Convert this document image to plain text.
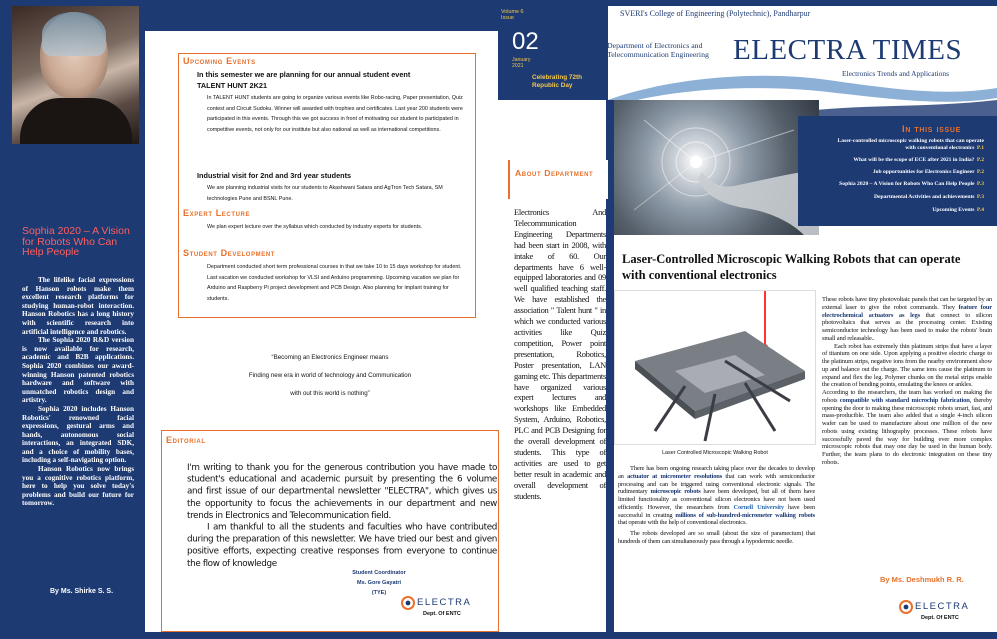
Sophia 2020 – A Vision for Robots Who Can Help People

The lifelike facial expressions of Hanson robots make them excellent research platforms for studying human-robot interaction. Hanson Robotics has a long history with scientific research into artificial intelligence and robotics.

The Sophia 2020 R&D version is now available for research, academic and B2B applications. Sophia 2020 combines our award-winning Hanson patented robotics hardware and software with unmatched robotics design and artistry.

Sophia 2020 includes Hanson Robotics' renowned facial expressions, gestural arms and hands, autonomous social interactions, an integrated SDK, and a choice of mobility bases, including a self-navigating option.

Hanson Robotics now brings you a cognitive robotics platform, here to help you solve today's problems and build our future for tomorrow.

By Ms. Shirke S. S.
Upcoming Events
In this semester we are planning for our annual student event
TALENT HUNT 2K21
In TALENT HUNT students are going to organize various events like Robo-racing, Paper presentation, Quiz contest and Circuit Sudoku. Winner will awarded with trophies and certificates. Last year 200 students were participated in this events. Through this we got success in front of motivating our student to participated in competitive events, not only for our institute but also national as well as international competitions.
Industrial visit for 2nd and 3rd year students
We are planning industrial visits for our students to Akashwani Satara and AgTron Tech Satara, SM technologies Pune and BSNL Pune.
Expert Lecture
We plan expert lecture over the syllabus which conducted by industry experts for students.
Student Development
Department conducted short term professional courses in that we take 10 to 15 days workshop for student. Last vacation we conducted workshop for VLSI and Arduino programming. Upcoming vacation we plan for Arduino and Raspberry Pi project development and PCB Design. Also planning for implant training for students.
“Becoming an Electronics Engineer means
Finding new era in world of technology and Communication
with out this world is nothing”
Editorial

I'm writing to thank you for the generous contribution you have made to student's educational and academic pursuit by presenting the 6 volume and first issue of our departmental newsletter "ELECTRA", which gives us the opportunity to focus the achievements in our department and new trends in Electronics and Telecommunication field.

I am thankful to all the students and faculties who have contributed during the preparation of this newsletter. We have tried our best and given positive efforts, expecting creative responses from everyone to continue the flow of knowledge

Student Coordinator
Ms. Gore Gayatri
(TYE)
ELECTRA
Dept. Of ENTC
Volume 6
Issue
02
January
2021
Celebrating 72th Republic Day
SVERI's College of Engineering (Polytechnic), Pandharpur
Department of Electronics and Telecommunication Engineering ELECTRA TIMES
Electronics Trends and Applications
About Department
Electronics And Telecommunication Engineering Departments had been start in 2008, with intake of 60. Our departments have 6 well-equipped laboratories and 09 well qualified teaching staff. We have established the association " Talent hunt " in which we conducted various activities like Quiz competition, Power point presentation, Robotics, Poster presentation, LAN gaming etc. This departments have organized various expert lectures and workshops like Embedded System, Arduino, Robotics, PLC and PCB Designing for the overall development of students. This type of activities are used to get better result in academic and overall development of students.
In this issue
Laser-controlled microscopic walking robots that can operate
with conventional electronics P.1
What will be the scope of ECE after 2021 in India? P.2
Job opportunities for Electronics Engineer P.2
Sophia 2020 – A Vision for Robots Who Can Help People P.3
Departmental Activities and achievements P.3
Upcoming Events P.4
Laser-Controlled Microscopic Walking Robots that can operate with conventional electronics
Laser Controlled Microscopic Walking Robot

There has been ongoing research taking place over the decades to develop an actuator at micrometer resolutions that can work with semiconductor processing and can be triggered using conventional electronic signals. The rudimentary microscopic robots have been developed, but all of them have limited functionality as conventional silicon electronics have not been used efficiently. However, the researchers from Cornell University have been successful in creating millions of sub-hundred-micrometer walking robots that operate with the help of conventional electronics.

The robots developed are so small (about the size of paramecium) that hundreds of them can simultaneously pass through a hypodermic needle.

These robots have tiny photovoltaic panels that can be targeted by an external laser to give the robot commands. They feature four electrochemical actuators as legs that connect to silicon photovoltaics that serves as the processing center. Existing semiconductor technology has been used to make the robots' brain small and releasable..

Each robot has extremely thin platinum strips that have a layer of titanium on one side. Upon applying a positive electric charge to the platinum strips, negative ions from the nearby environment show up and balance out the charge. The same ions cause the platinum to expand and flex the leg. Polymer chunks on the metal strips enable the creation of bending points, emulating the knees or ankles.

According to the researchers, the team has worked on making the robots compatible with standard microchip fabrication, thereby opening the door to making these microscopic robots smart, fast, and mass-producible. The team also added that a single 4-inch silicon wafer can be used to manufacture about one million of the new robots using existing lithography processes. These robots have successfully paved the way for building ever more complex microscopic robots that may one day be used in the human body. Further, the team plans to do electronic integration on these tiny robots.

By Ms. Deshmukh R. R.
ELECTRA
Dept. Of ENTC
